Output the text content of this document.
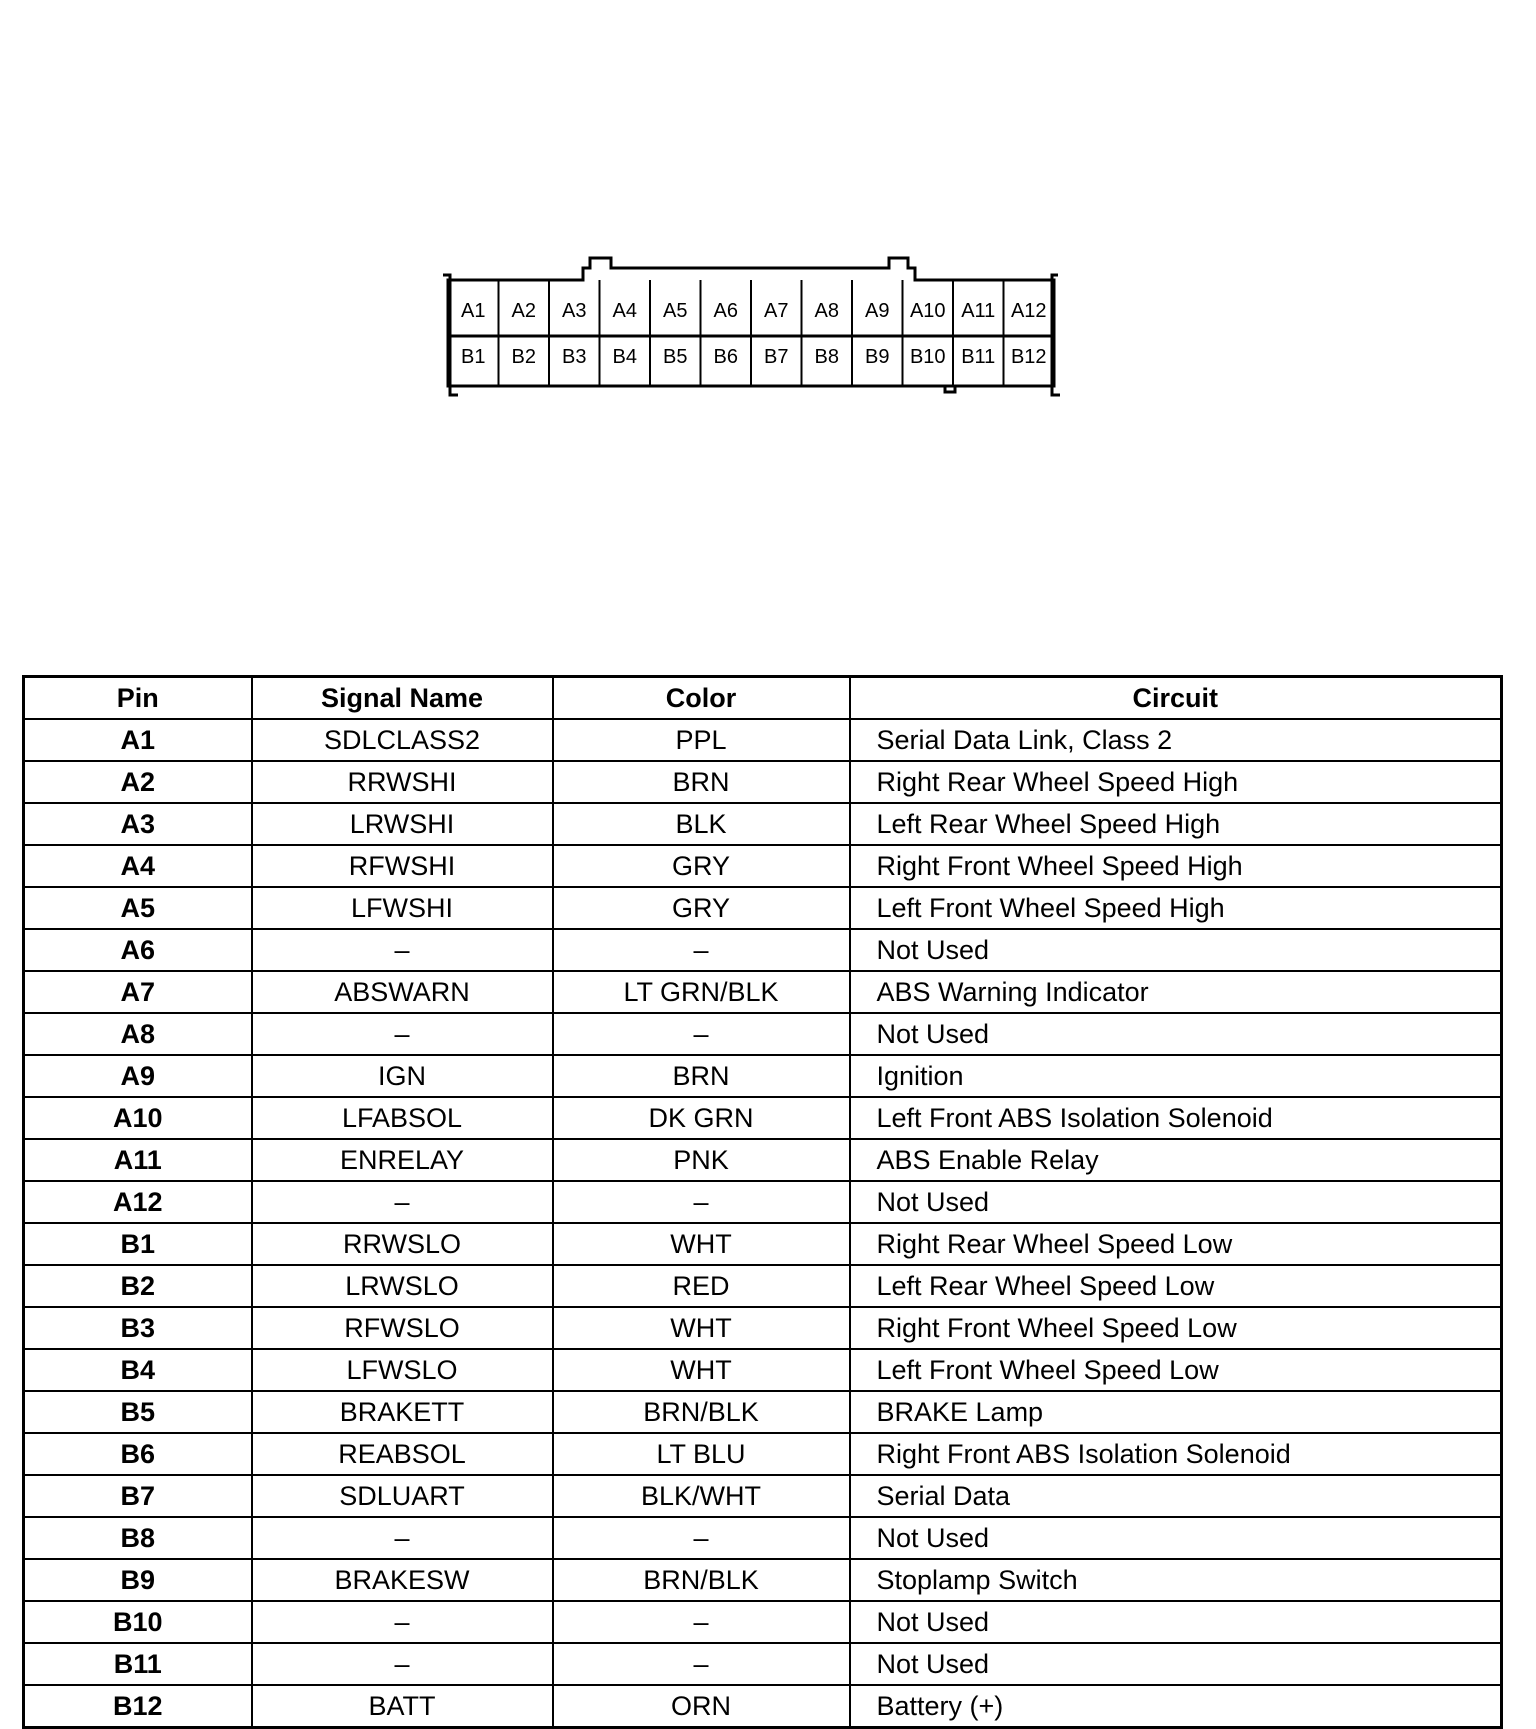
A1 A2 A3 A4 A5 A6 A7 A8 A9 A10 A11 A12
B1 B2 B3 B4 B5 B6 B7 B8 B9 B10 B11 B12
Pin	Signal Name	Color	Circuit
A1	SDLCLASS2	PPL	Serial Data Link, Class 2
A2	RRWSHI	BRN	Right Rear Wheel Speed High
A3	LRWSHI	BLK	Left Rear Wheel Speed High
A4	RFWSHI	GRY	Right Front Wheel Speed High
A5	LFWSHI	GRY	Left Front Wheel Speed High
A6	–	–	Not Used
A7	ABSWARN	LT GRN/BLK	ABS Warning Indicator
A8	–	–	Not Used
A9	IGN	BRN	Ignition
A10	LFABSOL	DK GRN	Left Front ABS Isolation Solenoid
A11	ENRELAY	PNK	ABS Enable Relay
A12	–	–	Not Used
B1	RRWSLO	WHT	Right Rear Wheel Speed Low
B2	LRWSLO	RED	Left Rear Wheel Speed Low
B3	RFWSLO	WHT	Right Front Wheel Speed Low
B4	LFWSLO	WHT	Left Front Wheel Speed Low
B5	BRAKETT	BRN/BLK	BRAKE Lamp
B6	REABSOL	LT BLU	Right Front ABS Isolation Solenoid
B7	SDLUART	BLK/WHT	Serial Data
B8	–	–	Not Used
B9	BRAKESW	BRN/BLK	Stoplamp Switch
B10	–	–	Not Used
B11	–	–	Not Used
B12	BATT	ORN	Battery (+)
